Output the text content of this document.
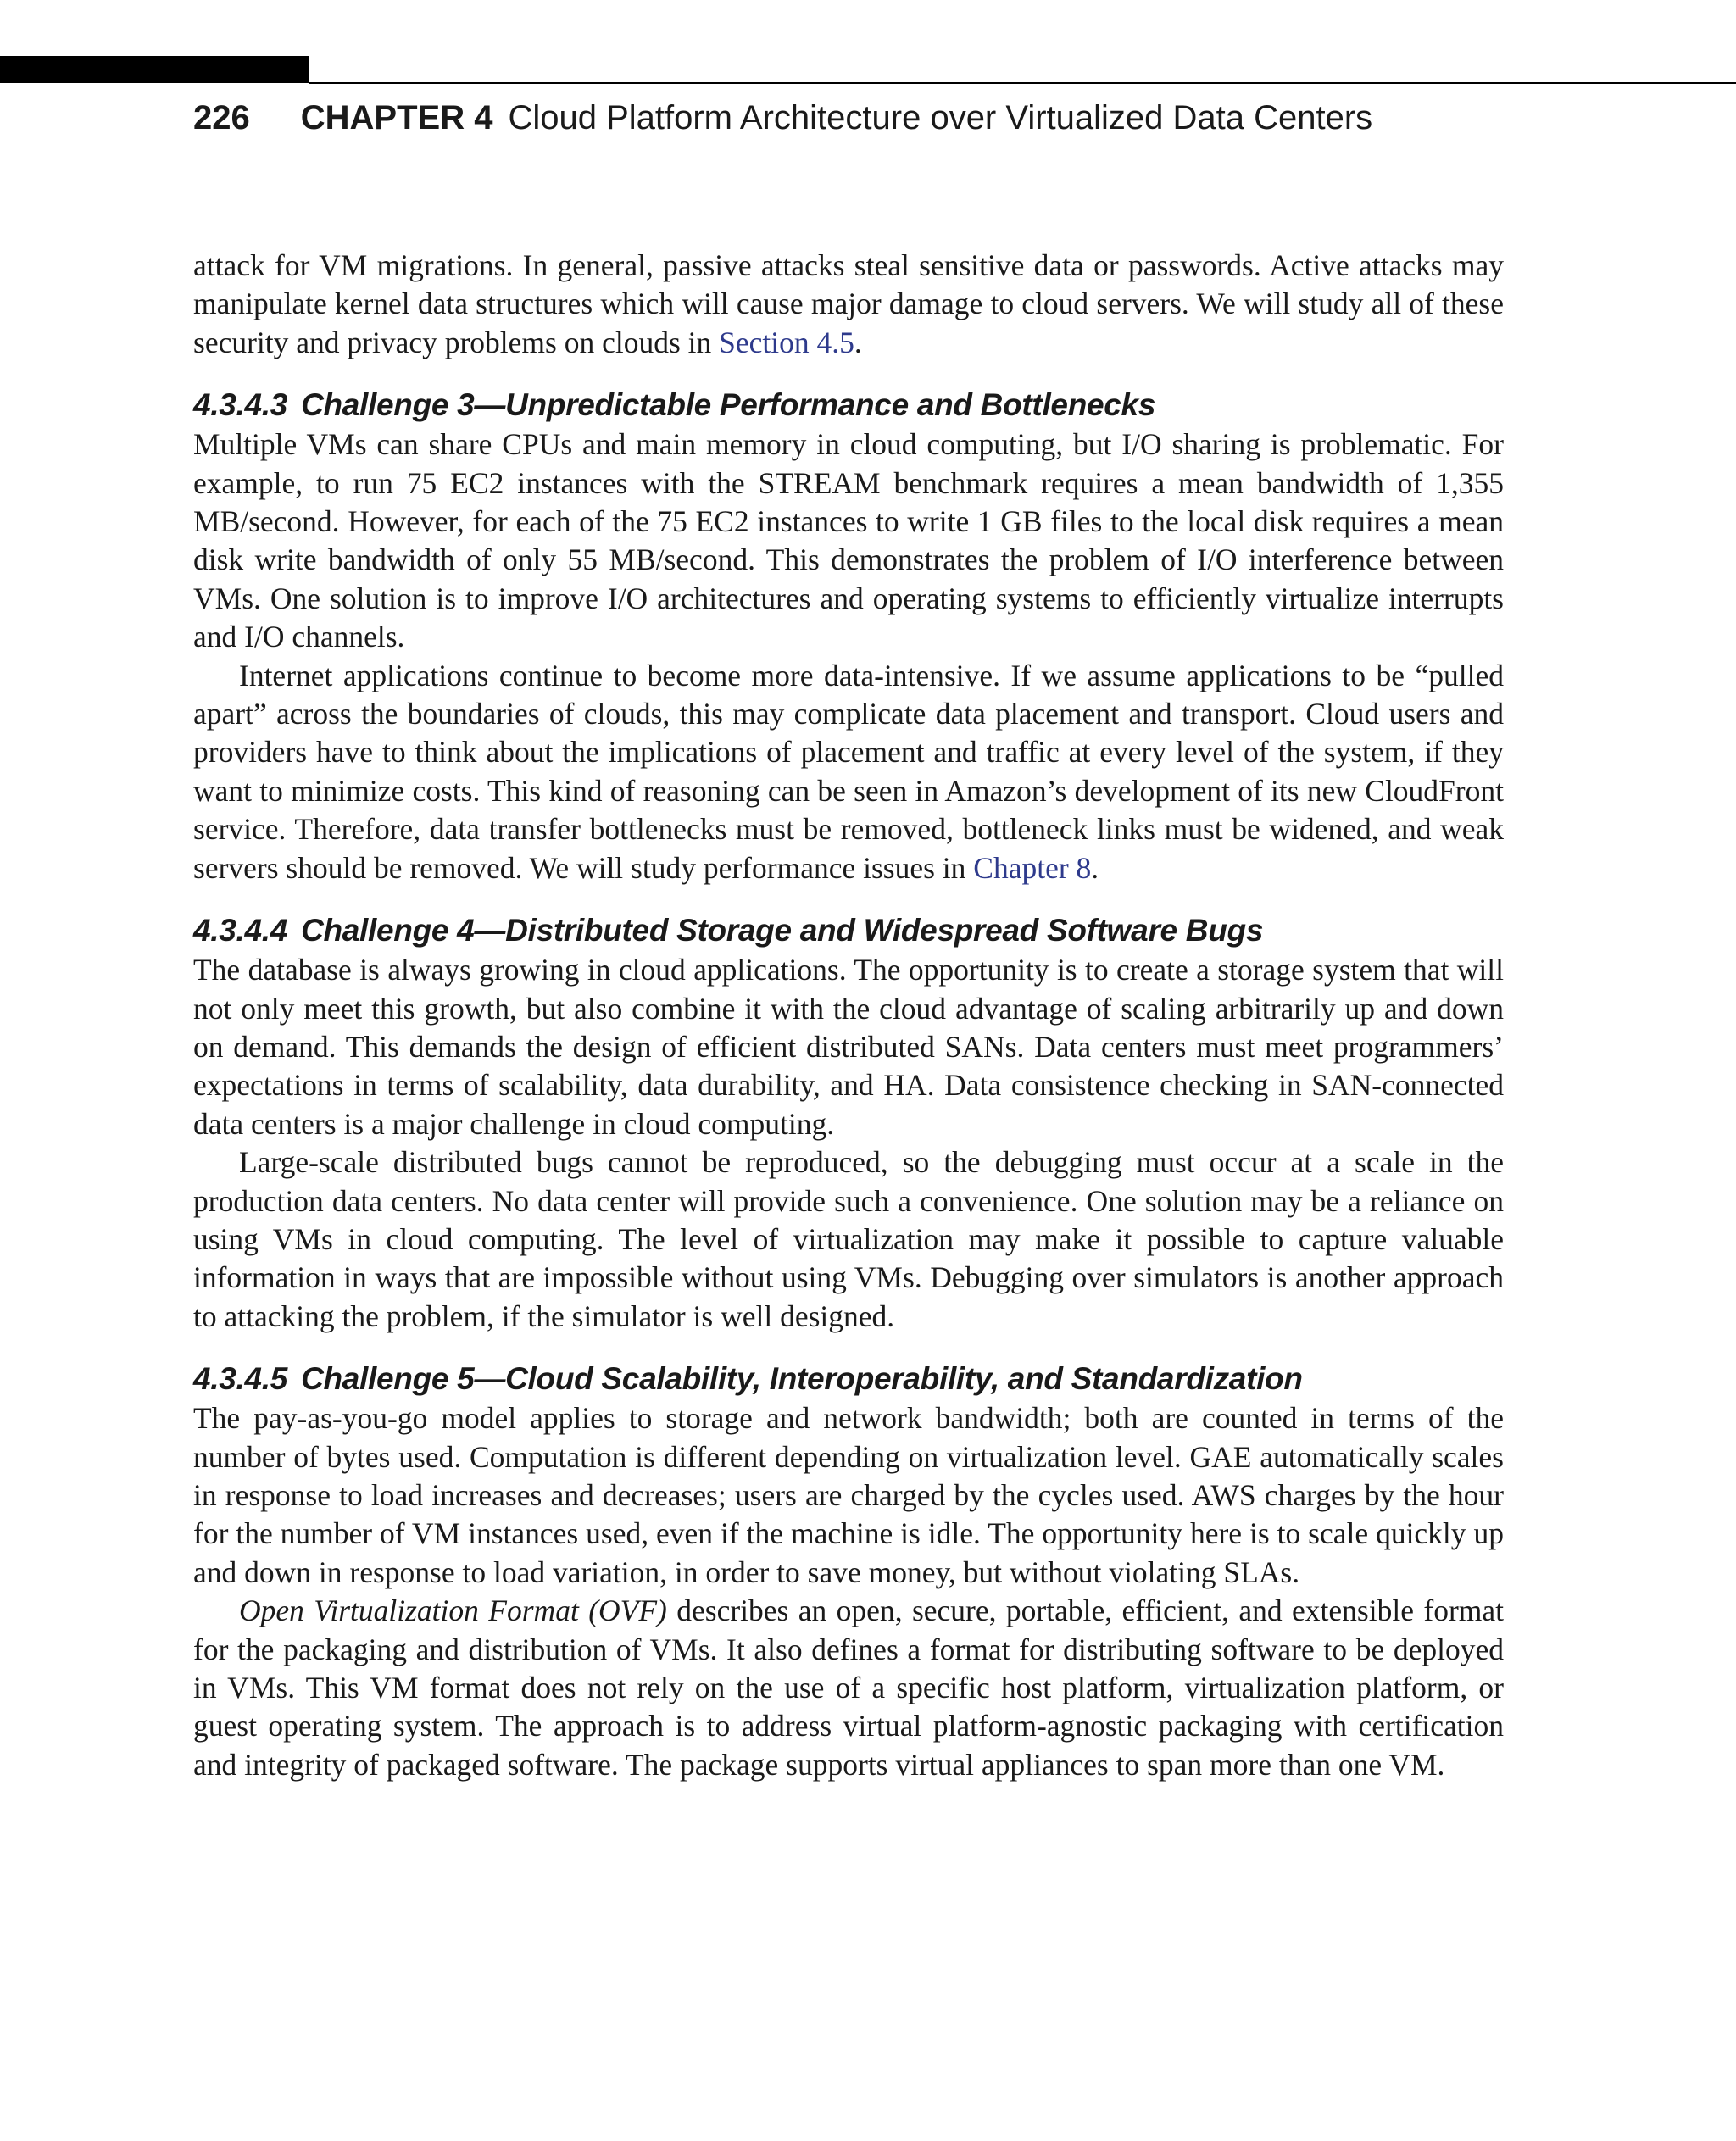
226 CHAPTER 4 Cloud Platform Architecture over Virtualized Data Centers

attack for VM migrations. In general, passive attacks steal sensitive data or passwords. Active attacks may manipulate kernel data structures which will cause major damage to cloud servers. We will study all of these security and privacy problems on clouds in Section 4.5.

4.3.4.3 Challenge 3—Unpredictable Performance and Bottlenecks

Multiple VMs can share CPUs and main memory in cloud computing, but I/O sharing is problematic. For example, to run 75 EC2 instances with the STREAM benchmark requires a mean bandwidth of 1,355 MB/second. However, for each of the 75 EC2 instances to write 1 GB files to the local disk requires a mean disk write bandwidth of only 55 MB/second. This demonstrates the problem of I/O interference between VMs. One solution is to improve I/O architectures and operating systems to efficiently virtualize interrupts and I/O channels.

Internet applications continue to become more data-intensive. If we assume applications to be “pulled apart” across the boundaries of clouds, this may complicate data placement and transport. Cloud users and providers have to think about the implications of placement and traffic at every level of the system, if they want to minimize costs. This kind of reasoning can be seen in Amazon’s development of its new CloudFront service. Therefore, data transfer bottlenecks must be removed, bottleneck links must be widened, and weak servers should be removed. We will study performance issues in Chapter 8.

4.3.4.4 Challenge 4—Distributed Storage and Widespread Software Bugs

The database is always growing in cloud applications. The opportunity is to create a storage system that will not only meet this growth, but also combine it with the cloud advantage of scaling arbitrarily up and down on demand. This demands the design of efficient distributed SANs. Data centers must meet programmers’ expectations in terms of scalability, data durability, and HA. Data consistence checking in SAN-connected data centers is a major challenge in cloud computing.

Large-scale distributed bugs cannot be reproduced, so the debugging must occur at a scale in the production data centers. No data center will provide such a convenience. One solution may be a reliance on using VMs in cloud computing. The level of virtualization may make it possible to capture valuable information in ways that are impossible without using VMs. Debugging over simulators is another approach to attacking the problem, if the simulator is well designed.

4.3.4.5 Challenge 5—Cloud Scalability, Interoperability, and Standardization

The pay-as-you-go model applies to storage and network bandwidth; both are counted in terms of the number of bytes used. Computation is different depending on virtualization level. GAE automatically scales in response to load increases and decreases; users are charged by the cycles used. AWS charges by the hour for the number of VM instances used, even if the machine is idle. The opportunity here is to scale quickly up and down in response to load variation, in order to save money, but without violating SLAs.

Open Virtualization Format (OVF) describes an open, secure, portable, efficient, and extensible format for the packaging and distribution of VMs. It also defines a format for distributing software to be deployed in VMs. This VM format does not rely on the use of a specific host platform, virtualization platform, or guest operating system. The approach is to address virtual platform-agnostic packaging with certification and integrity of packaged software. The package supports virtual appliances to span more than one VM.
